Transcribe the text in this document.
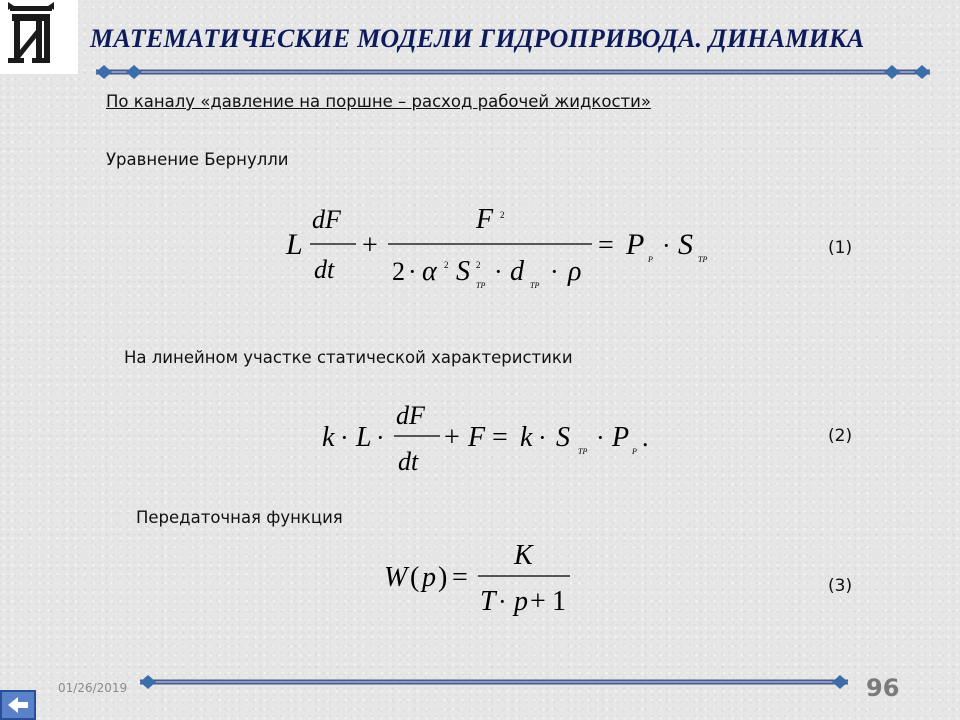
МАТЕМАТИЧЕСКИЕ МОДЕЛИ ГИДРОПРИВОДА. ДИНАМИКА
По каналу «давление на поршне – расход рабочей жидкости»
Уравнение Бернулли
L
dF
dt
+
F 2
2 · α 2 S 2
ТР · d ТР · ρ
= P Р · S ТР
(1)
На линейном участке статической характеристики
k · L ·
dF
dt
+ F = k · S ТР · P Р .	(2)
Передаточная функция
W ( p ) =
K
T · p + 1	(3)
01/26/2019	96
